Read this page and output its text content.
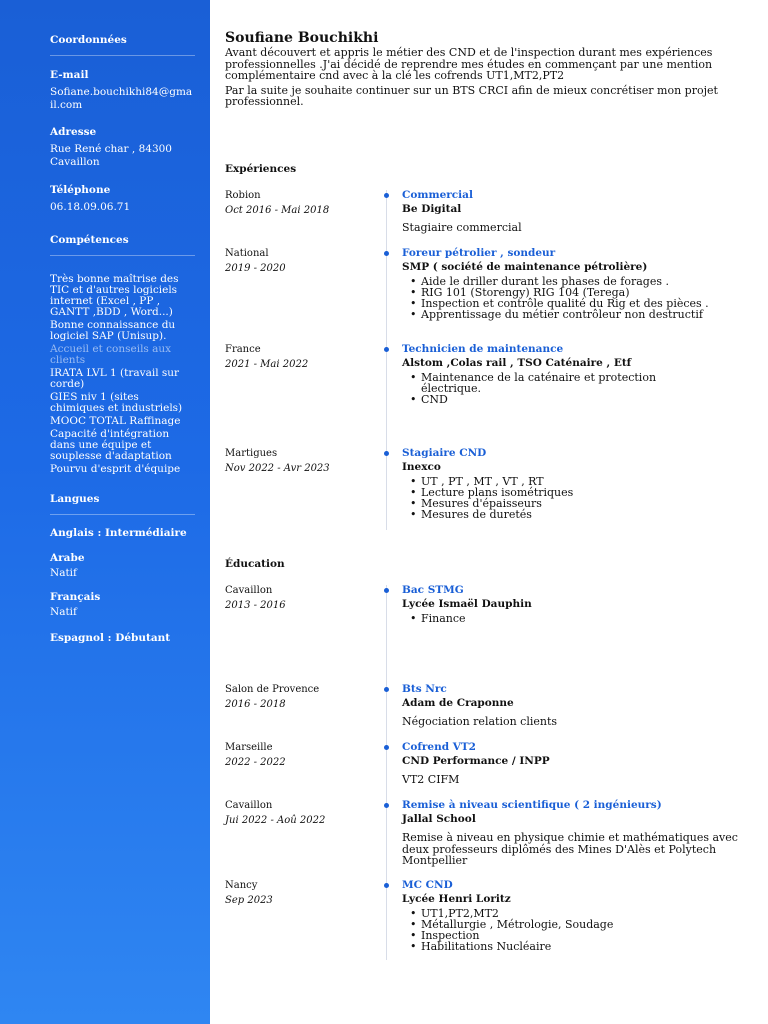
Coordonnées
E-mail
Sofiane.bouchikhi84@gmail.com
Adresse
Rue René char , 84300 Cavaillon
Téléphone
06.18.09.06.71
Compétences
Très bonne maîtrise des TIC et d'autres logiciels internet (Excel , PP , GANTT ,BDD , Word...)
Bonne connaissance du logiciel SAP (Unisup).
Accueil et conseils aux clients
IRATA LVL 1 (travail sur corde)
GIES niv 1 (sites chimiques et industriels)
MOOC TOTAL Raffinage
Capacité d'intégration dans une équipe et souplesse d'adaptation
Pourvu d'esprit d'équipe
Langues
Anglais : Intermédiaire
Arabe
Natif
Français
Natif
Espagnol : Débutant
Soufiane Bouchikhi

Avant découvert et appris le métier des CND et de l'inspection durant mes expériences professionnelles .J'ai décidé de reprendre mes études en commençant par une mention complémentaire cnd avec à la clé les cofrends UT1,MT2,PT2

Par la suite je souhaite continuer sur un BTS CRCI afin de mieux concrétiser mon projet professionnel.

Expériences
Robion
Oct 2016 - Mai 2018
Commercial
Be Digital
Stagiaire commercial
National
2019 - 2020
Foreur pétrolier , sondeur
SMP ( société de maintenance pétrolière)
• Aide le driller durant les phases de forages .
• RIG 101 (Storengy) RIG 104 (Terega)
• Inspection et contrôle qualité du Rig et des pièces .
• Apprentissage du métier contrôleur non destructif
France
2021 - Mai 2022
Technicien de maintenance
Alstom ,Colas rail , TSO Caténaire , Etf
• Maintenance de la caténaire et protection électrique.
• CND
Martigues
Nov 2022 - Avr 2023
Stagiaire CND
Inexco
• UT , PT , MT , VT , RT
• Lecture plans isométriques
• Mesures d'épaisseurs
• Mesures de duretés
Éducation
Cavaillon
2013 - 2016
Bac STMG
Lycée Ismaël Dauphin
• Finance
Salon de Provence
2016 - 2018
Bts Nrc
Adam de Craponne
Négociation relation clients
Marseille
2022 - 2022
Cofrend VT2
CND Performance / INPP
VT2 CIFM
Cavaillon
Jui 2022 - Aoû 2022
Remise à niveau scientifique ( 2 ingénieurs)
Jallal School
Remise à niveau en physique chimie et mathématiques avec deux professeurs diplômés des Mines D'Alès et Polytech Montpellier
Nancy
Sep 2023
MC CND
Lycée Henri Loritz
• UT1,PT2,MT2
• Métallurgie , Métrologie, Soudage
• Inspection
• Habilitations Nucléaire
